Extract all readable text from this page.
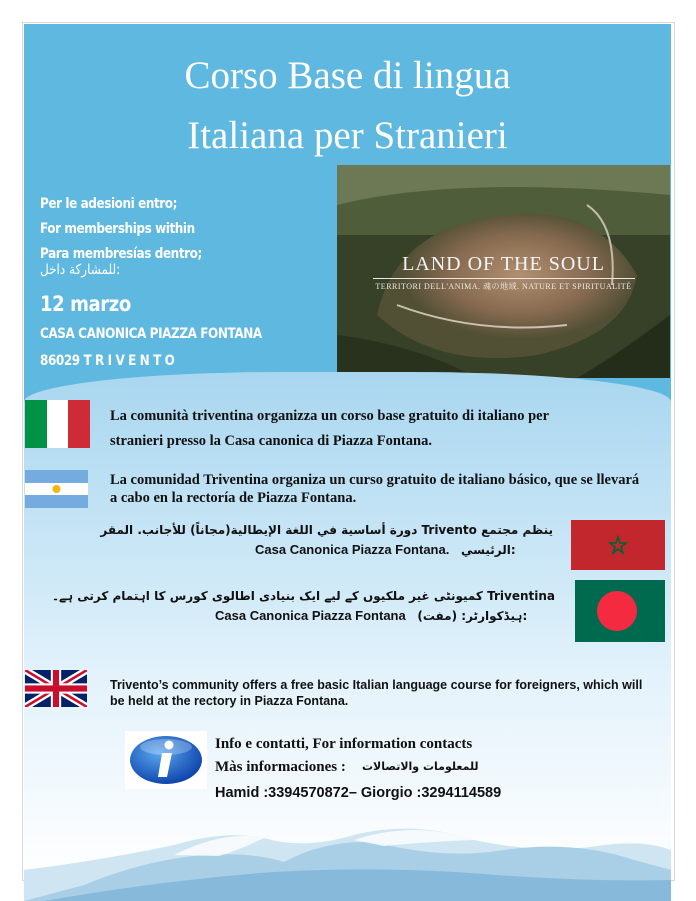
Corso Base di lingua
Italiana per Stranieri
Per le adesioni entro;
For memberships within
Para membresías dentro;
للمشاركة داخل:
12 marzo
CASA CANONICA PIAZZA FONTANA
86029 T R I V E N T O
LAND OF THE SOUL
TERRITORI DELL'ANIMA. 魂の地域. NATURE ET SPIRITUALITÉ
La comunità triventina organizza un corso base gratuito di italiano per stranieri presso la Casa canonica di Piazza Fontana.
La comunidad Triventina organiza un curso gratuito de italiano básico, que se llevará a cabo en la rectoría de Piazza Fontana.
ينظم مجتمع Trivento دورة أساسية في اللغة الإيطالية(مجاناً) للأجانب. المقر
Casa Canonica Piazza Fontana. الرئيسي:
Triventina کمیونٹی غیر ملکیوں کے لیے ایک بنیادی اطالوی کورس کا اہتمام کرتی ہے۔
Casa Canonica Piazza Fontana (مفت) :ہیڈکوارٹر:
Trivento’s community offers a free basic Italian language course for foreigners, which will be held at the rectory in Piazza Fontana.
Info e contatti, For information contacts
Màs informaciones : للمعلومات والاتصالات
Hamid :3394570872– Giorgio :3294114589
